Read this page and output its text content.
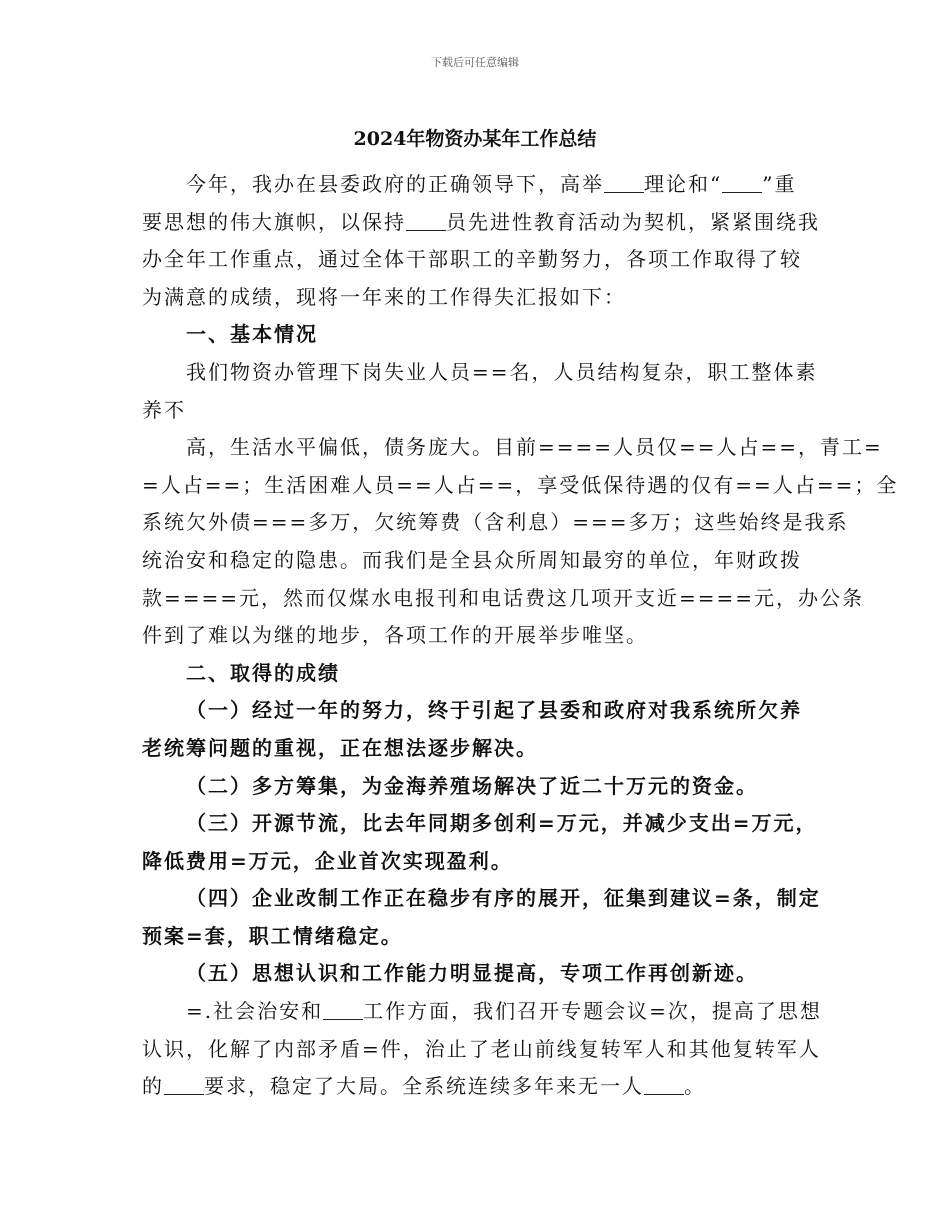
下载后可任意编辑
2024年物资办某年工作总结
今年，我办在县委政府的正确领导下，高举 理论和“ ”重
要思想的伟大旗帜，以保持 员先进性教育活动为契机，紧紧围绕我
办全年工作重点，通过全体干部职工的辛勤努力，各项工作取得了较
为满意的成绩，现将一年来的工作得失汇报如下：
一、基本情况
我们物资办管理下岗失业人员==名，人员结构复杂，职工整体素
养不
高，生活水平偏低，债务庞大。目前====人员仅==人占==，青工=
=人占==；生活困难人员==人占==，享受低保待遇的仅有==人占==；全
系统欠外债===多万，欠统筹费（含利息）===多万；这些始终是我系
统治安和稳定的隐患。而我们是全县众所周知最穷的单位，年财政拨
款====元，然而仅煤水电报刊和电话费这几项开支近====元，办公条
件到了难以为继的地步，各项工作的开展举步唯坚。
二、取得的成绩
（一）经过一年的努力，终于引起了县委和政府对我系统所欠养
老统筹问题的重视，正在想法逐步解决。
（二）多方筹集，为金海养殖场解决了近二十万元的资金。
（三）开源节流，比去年同期多创利=万元，并减少支出=万元，
降低费用=万元，企业首次实现盈利。
（四）企业改制工作正在稳步有序的展开，征集到建议=条，制定
预案=套，职工情绪稳定。
（五）思想认识和工作能力明显提高，专项工作再创新迹。
=.社会治安和 工作方面，我们召开专题会议=次，提高了思想
认识，化解了内部矛盾=件，治止了老山前线复转军人和其他复转军人
的 要求，稳定了大局。全系统连续多年来无一人 。
